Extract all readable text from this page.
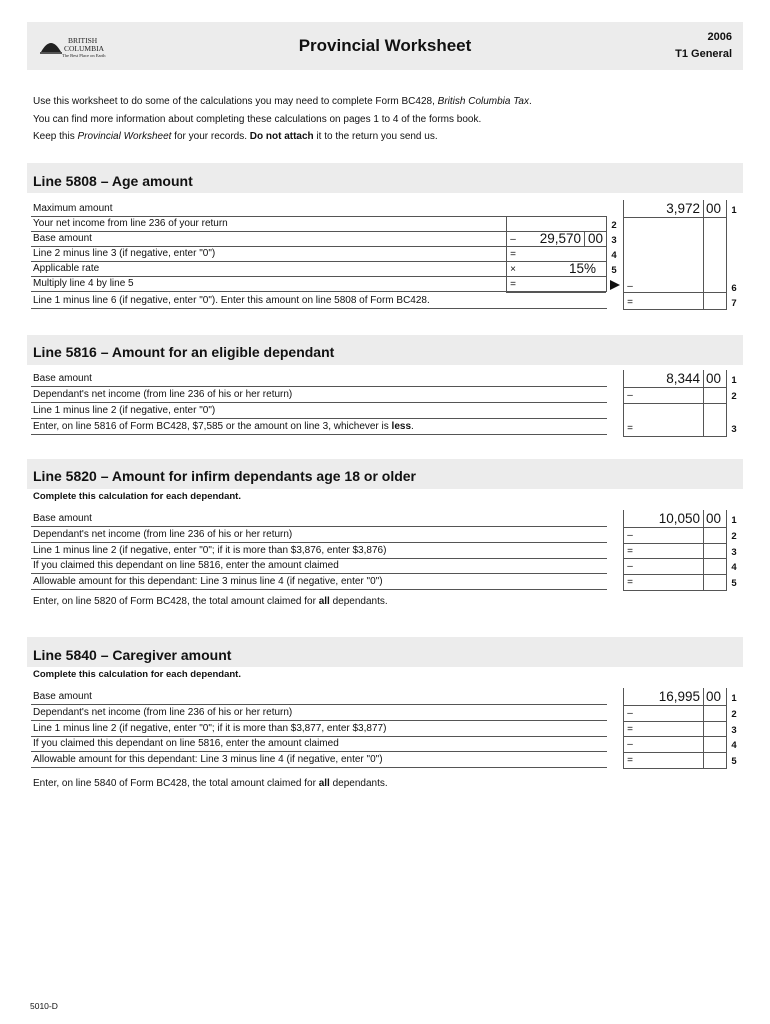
BRITISH
COLUMBIA
The Best Place on Earth
Provincial Worksheet	2006
T1 General
Use this worksheet to do some of the calculations you may need to complete Form BC428, British Columbia Tax.
You can find more information about completing these calculations on pages 1 to 4 of the forms book.
Keep this Provincial Worksheet for your records. Do not attach it to the return you send us.
Line 5808 – Age amount
Maximum amount
Your net income from line 236 of your return
Base amount
Line 2 minus line 3 (if negative, enter "0")
Applicable rate
Multiply line 4 by line 5
Line 1 minus line 6 (if negative, enter "0"). Enter this amount on line 5808 of Form BC428.
–
=
×
=
29,570 00
15%
2
3
4
5
3,972 00
–
=
1
6
7
Line 5816 – Amount for an eligible dependant
Base amount
Dependant's net income (from line 236 of his or her return)
Line 1 minus line 2 (if negative, enter "0")
Enter, on line 5816 of Form BC428, $7,585 or the amount on line 3, whichever is less.
8,344 00
–
=
1
2
3
Line 5820 – Amount for infirm dependants age 18 or older
Complete this calculation for each dependant.
Base amount
Dependant's net income (from line 236 of his or her return)
Line 1 minus line 2 (if negative, enter "0"; if it is more than $3,876, enter $3,876)
If you claimed this dependant on line 5816, enter the amount claimed
Allowable amount for this dependant: Line 3 minus line 4 (if negative, enter "0")
Enter, on line 5820 of Form BC428, the total amount claimed for all dependants.
10,050 00
–
=
–
=
1
2
3
4
5
Line 5840 – Caregiver amount
Complete this calculation for each dependant.
Base amount
Dependant's net income (from line 236 of his or her return)
Line 1 minus line 2 (if negative, enter "0"; if it is more than $3,877, enter $3,877)
If you claimed this dependant on line 5816, enter the amount claimed
Allowable amount for this dependant: Line 3 minus line 4 (if negative, enter "0")
Enter, on line 5840 of Form BC428, the total amount claimed for all dependants.
16,995 00
–
=
–
=
1
2
3
4
5
5010-D
